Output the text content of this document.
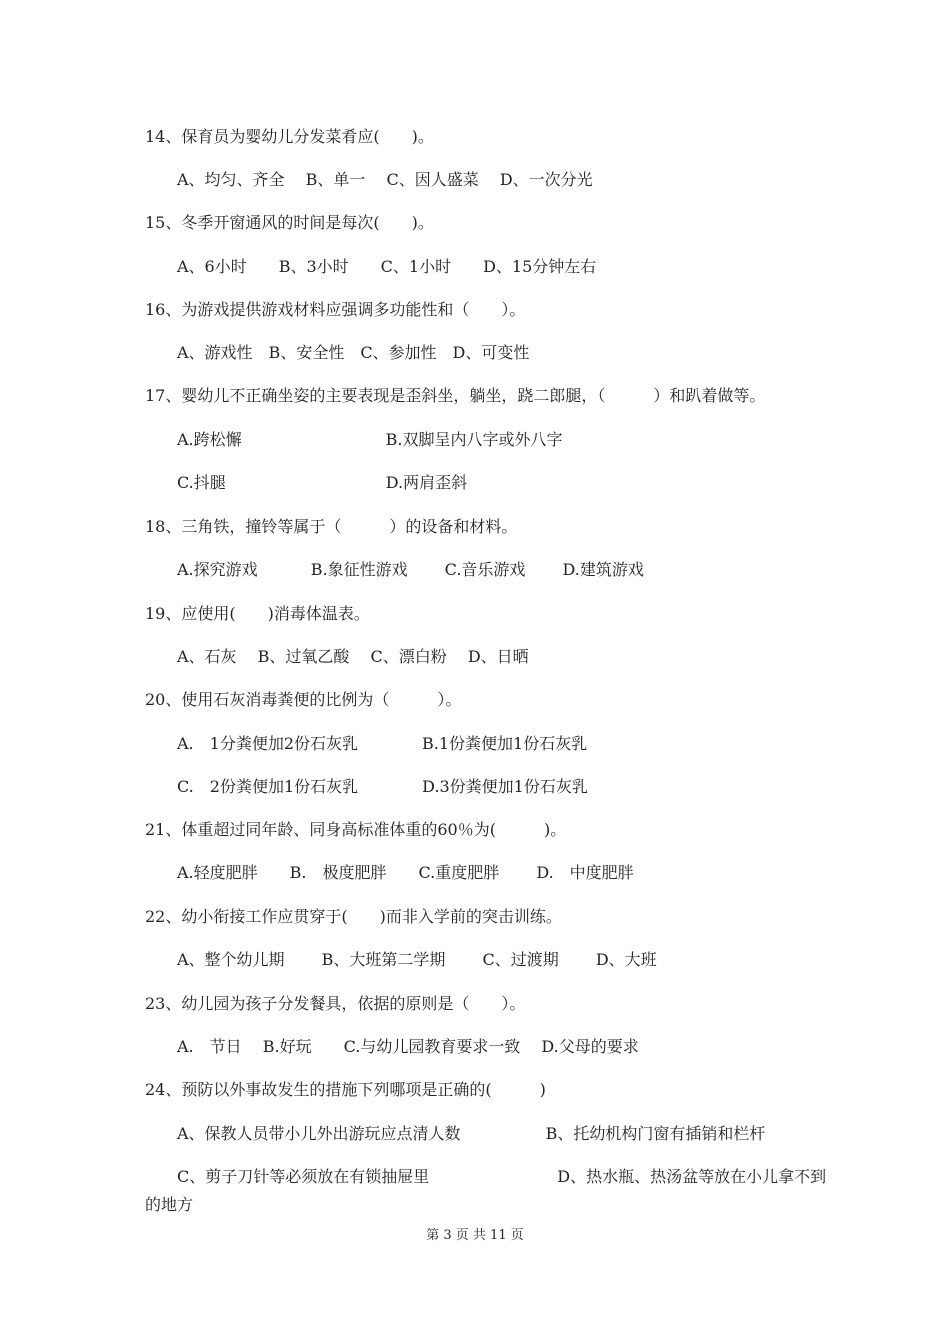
14、保育员为婴幼儿分发菜肴应(　　)。
A、均匀、齐全　 B、单一　 C、因人盛菜　 D、一次分光
15、冬季开窗通风的时间是每次(　　)。
A、6小时　　B、3小时　　C、1小时　　D、15分钟左右
16、为游戏提供游戏材料应强调多功能性和（　　）。
A、游戏性　B、安全性　C、参加性　D、可变性
17、婴幼儿不正确坐姿的主要表现是歪斜坐，躺坐，跷二郎腿，（　　　）和趴着做等。
A.跨松懈　　　　　　　　　B.双脚呈内八字或外八字
C.抖腿　　　　　　　　　　D.两肩歪斜
18、三角铁，撞铃等属于（　　　）的设备和材料。
A.探究游戏　　　 B.象征性游戏　　 C.音乐游戏　　 D.建筑游戏
19、应使用(　　)消毒体温表。
A、石灰　 B、过氧乙酸　 C、漂白粉　 D、日晒
20、使用石灰消毒粪便的比例为（　　　）。
A.　1分粪便加2份石灰乳　　　　B.1份粪便加1份石灰乳
C.　2份粪便加1份石灰乳　　　　D.3份粪便加1份石灰乳
21、体重超过同年龄、同身高标准体重的60％为(　　　)。
A.轻度肥胖　　B.　极度肥胖　　C.重度肥胖　　 D.　中度肥胖
22、幼小衔接工作应贯穿于(　　)而非入学前的突击训练。
A、整个幼儿期　　 B、大班第二学期　　 C、过渡期　　 D、大班
23、幼儿园为孩子分发餐具，依据的原则是（　　）。
A.　节日　 B.好玩　　C.与幼儿园教育要求一致　 D.父母的要求
24、预防以外事故发生的措施下列哪项是正确的(　　　)
A、保教人员带小儿外出游玩应点清人数　　　　　 B、托幼机构门窗有插销和栏杆
C、剪子刀针等必须放在有锁抽屉里　　　　　　　　D、热水瓶、热汤盆等放在小儿拿不到
的地方
第 3 页 共 11 页
